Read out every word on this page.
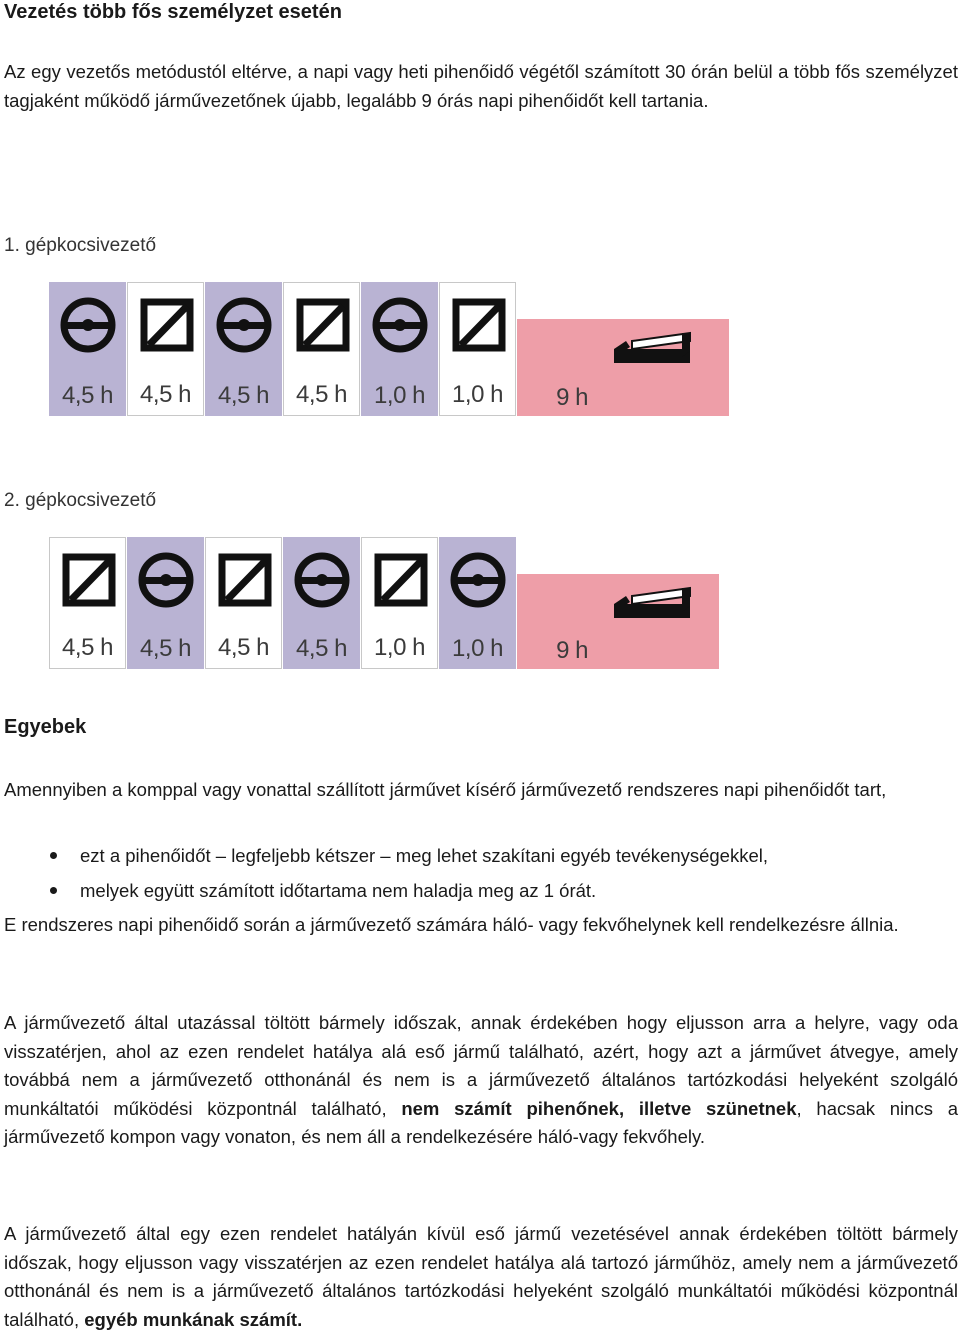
Vezetés több fős személyzet esetén
Az egy vezetős metódustól eltérve, a napi vagy heti pihenőidő végétől számított 30 órán belül a több fős személyzet tagjaként működő járművezetőnek újabb, legalább 9 órás napi pihenőidőt kell tartania.
1. gépkocsivezető
4,5 h	4,5 h	4,5 h	4,5 h	1,0 h	1,0 h	9 h
2. gépkocsivezető
4,5 h	4,5 h	4,5 h	4,5 h	1,0 h	1,0 h	9 h
Egyebek
Amennyiben a komppal vagy vonattal szállított járművet kísérő járművezető rendszeres napi pihenőidőt tart,
ezt a pihenőidőt – legfeljebb kétszer – meg lehet szakítani egyéb tevékenységekkel,
melyek együtt számított időtartama nem haladja meg az 1 órát.
E rendszeres napi pihenőidő során a járművezető számára háló- vagy fekvőhelynek kell rendelkezésre állnia.
A járművezető által utazással töltött bármely időszak, annak érdekében hogy eljusson arra a helyre, vagy oda visszatérjen, ahol az ezen rendelet hatálya alá eső jármű található, azért, hogy azt a járművet átvegye, amely továbbá nem a járművezető otthonánál és nem is a járművezető általános tartózkodási helyeként szolgáló munkáltatói működési központnál található, nem számít pihenőnek, illetve szünetnek, hacsak nincs a járművezető kompon vagy vonaton, és nem áll a rendelkezésére háló-vagy fekvőhely.
A járművezető által egy ezen rendelet hatályán kívül eső jármű vezetésével annak érdekében töltött bármely időszak, hogy eljusson vagy visszatérjen az ezen rendelet hatálya alá tartozó járműhöz, amely nem a járművezető otthonánál és nem is a járművezető általános tartózkodási helyeként szolgáló munkáltatói működési központnál található, egyéb munkának számít.
